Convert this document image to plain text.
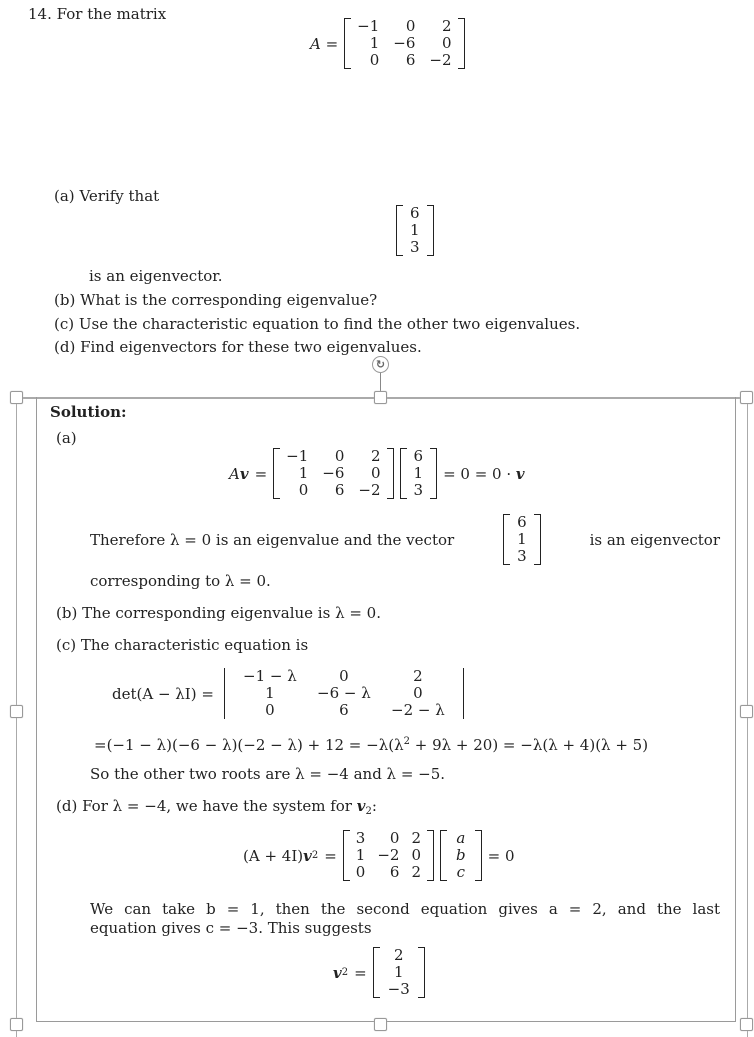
14. For the matrix
A =
−1	0	2
1 −6	0
0	6 −2
(a) Verify that
6
1
3
is an eigenvector.
(b) What is the corresponding eigenvalue?
(c) Use the characteristic equation to find the other two eigenvalues.
(d) Find eigenvectors for these two eigenvalues.
↻
Solution:
(a)
A v =
−1	0	2
1 −6	0
0	6 −2
6
1
3
= 0 = 0 ·
v
Therefore λ = 0 is an eigenvalue and the vector
6
1
3
is an eigenvector
corresponding to λ = 0.
(b) The corresponding eigenvalue is λ = 0.
(c) The characteristic equation is
det(A − λI) =
−1 − λ	0	2
1	−6 − λ	0
0	6	−2 − λ
$=(-1 - \lambda)(-6 - \lambda)(-2 - \lambda) + 12 = -\lambda(\lambda^2 + 9\lambda + 20) = -\lambda(\lambda + 4)(\lambda + 5)$
So the other two roots are λ = −4 and λ = −5.
(d) For λ = −4, we have the system for $v_2$:
(A + 4I) v 2 =
3	0 2
1 −2 0
0	6 2
a
b
c
= 0
We can take b = 1, then the second equation gives a = 2, and the last
equation gives c = −3. This suggests
v 2 =
2
1
−3
